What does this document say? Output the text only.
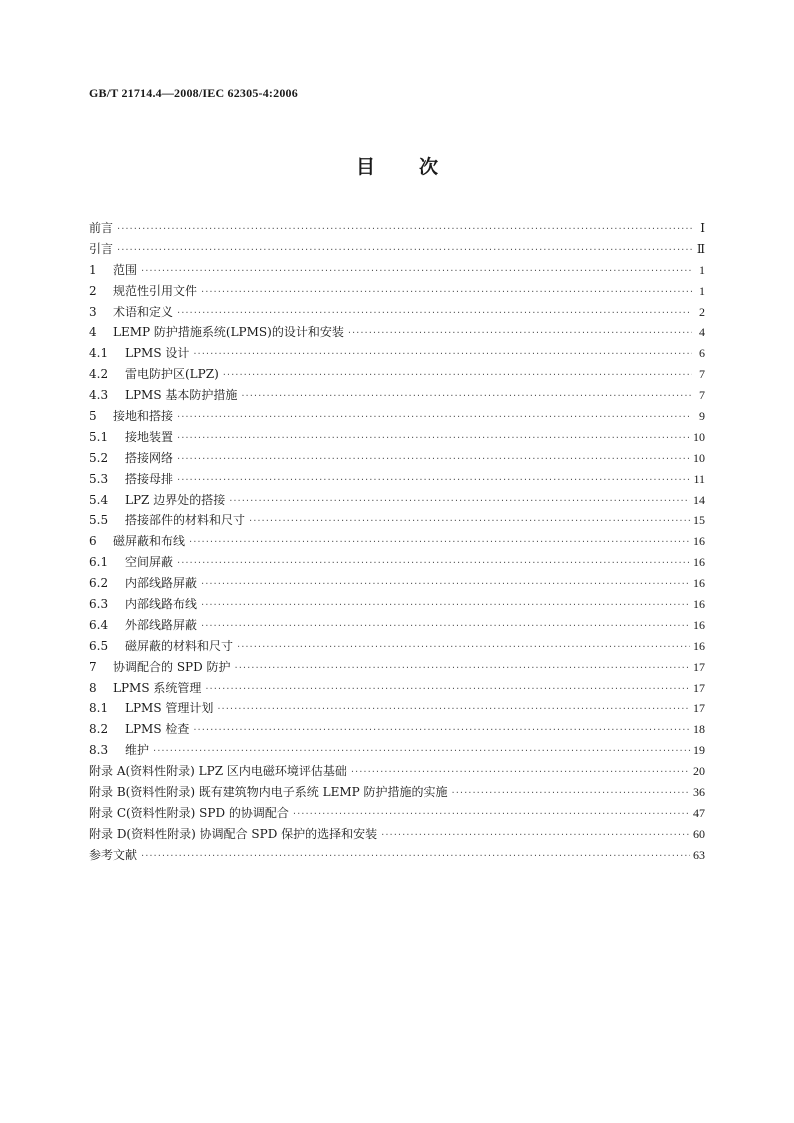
GB/T 21714.4—2008/IEC 62305-4:2006
目次
前言 ·····	Ⅰ
引言 ·····	Ⅱ
1 范围 ·····	1
2 规范性引用文件 ·····	1
3 术语和定义 ·····	2
4 LEMP 防护措施系统(LPMS)的设计和安装 ·····	4
4.1 LPMS 设计 ·····	6
4.2 雷电防护区(LPZ) ·····	7
4.3 LPMS 基本防护措施 ·····	7
5 接地和搭接 ·····	9
5.1 接地装置 ·····	10
5.2 搭接网络 ·····	10
5.3 搭接母排 ·····	11
5.4 LPZ 边界处的搭接 ·····	14
5.5 搭接部件的材料和尺寸 ·····	15
6 磁屏蔽和布线 ·····	16
6.1 空间屏蔽 ·····	16
6.2 内部线路屏蔽 ·····	16
6.3 内部线路布线 ·····	16
6.4 外部线路屏蔽 ·····	16
6.5 磁屏蔽的材料和尺寸 ·····	16
7 协调配合的 SPD 防护 ·····	17
8 LPMS 系统管理 ·····	17
8.1 LPMS 管理计划 ·····	17
8.2 LPMS 检查 ·····	18
8.3 维护 ·····	19
附录 A(资料性附录) LPZ 区内电磁环境评估基础 ·····	20
附录 B(资料性附录) 既有建筑物内电子系统 LEMP 防护措施的实施 ·····	36
附录 C(资料性附录) SPD 的协调配合 ·····	47
附录 D(资料性附录) 协调配合 SPD 保护的选择和安装 ·····	60
参考文献 ·····	63
